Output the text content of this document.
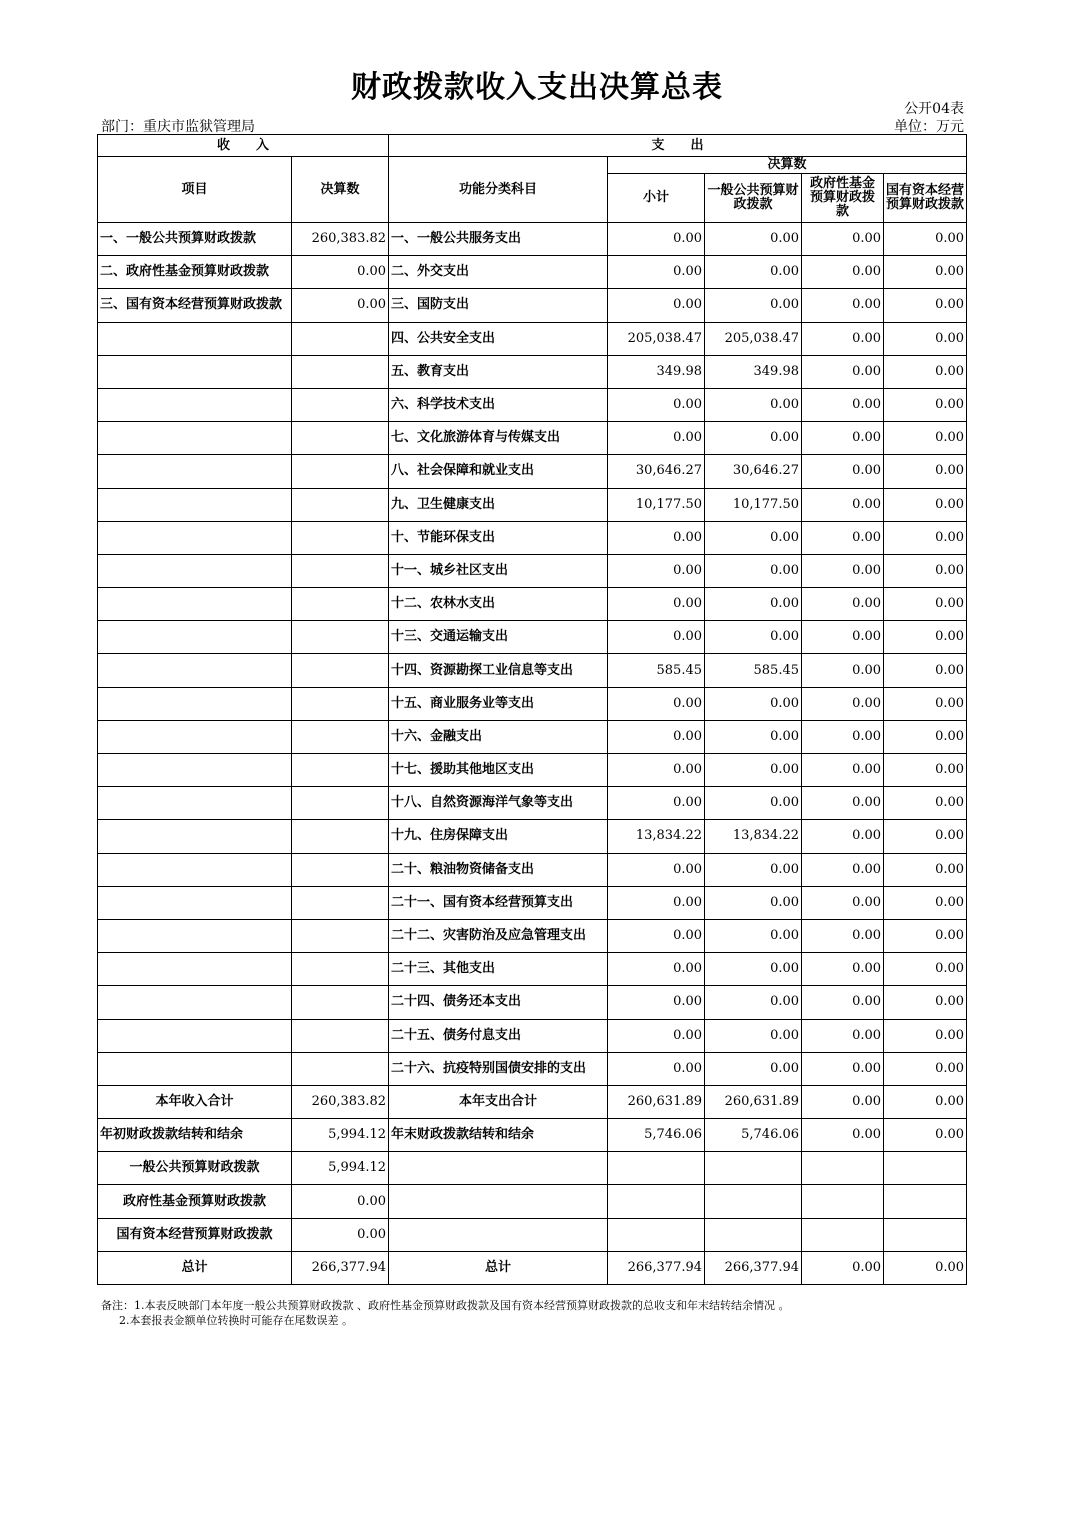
财政拨款收入支出决算总表
公开04表
部门：重庆市监狱管理局	单位：万元
收　　入		支　　出				
项目	决算数	功能分类科目	决算数			
			小计	一般公共预算财政拨款	政府性基金预算财政拨款	国有资本经营预算财政拨款
一、一般公共预算财政拨款	260,383.82	一、一般公共服务支出	0.00	0.00	0.00	0.00
二、政府性基金预算财政拨款	0.00	二、外交支出	0.00	0.00	0.00	0.00
三、国有资本经营预算财政拨款	0.00	三、国防支出	0.00	0.00	0.00	0.00
		四、公共安全支出	205,038.47	205,038.47	0.00	0.00
		五、教育支出	349.98	349.98	0.00	0.00
		六、科学技术支出	0.00	0.00	0.00	0.00
		七、文化旅游体育与传媒支出	0.00	0.00	0.00	0.00
		八、社会保障和就业支出	30,646.27	30,646.27	0.00	0.00
		九、卫生健康支出	10,177.50	10,177.50	0.00	0.00
		十、节能环保支出	0.00	0.00	0.00	0.00
		十一、城乡社区支出	0.00	0.00	0.00	0.00
		十二、农林水支出	0.00	0.00	0.00	0.00
		十三、交通运输支出	0.00	0.00	0.00	0.00
		十四、资源勘探工业信息等支出	585.45	585.45	0.00	0.00
		十五、商业服务业等支出	0.00	0.00	0.00	0.00
		十六、金融支出	0.00	0.00	0.00	0.00
		十七、援助其他地区支出	0.00	0.00	0.00	0.00
		十八、自然资源海洋气象等支出	0.00	0.00	0.00	0.00
		十九、住房保障支出	13,834.22	13,834.22	0.00	0.00
		二十、粮油物资储备支出	0.00	0.00	0.00	0.00
		二十一、国有资本经营预算支出	0.00	0.00	0.00	0.00
		二十二、灾害防治及应急管理支出	0.00	0.00	0.00	0.00
		二十三、其他支出	0.00	0.00	0.00	0.00
		二十四、债务还本支出	0.00	0.00	0.00	0.00
		二十五、债务付息支出	0.00	0.00	0.00	0.00
		二十六、抗疫特别国债安排的支出	0.00	0.00	0.00	0.00
本年收入合计	260,383.82	本年支出合计	260,631.89	260,631.89	0.00	0.00
年初财政拨款结转和结余	5,994.12	年末财政拨款结转和结余	5,746.06	5,746.06	0.00	0.00
一般公共预算财政拨款	5,994.12					
政府性基金预算财政拨款	0.00					
国有资本经营预算财政拨款	0.00					
总计	266,377.94	总计	266,377.94	266,377.94	0.00	0.00
备注：1.本表反映部门本年度一般公共预算财政拨款 、政府性基金预算财政拨款及国有资本经营预算财政拨款的总收支和年末结转结余情况 。
2.本套报表金额单位转换时可能存在尾数误差 。
